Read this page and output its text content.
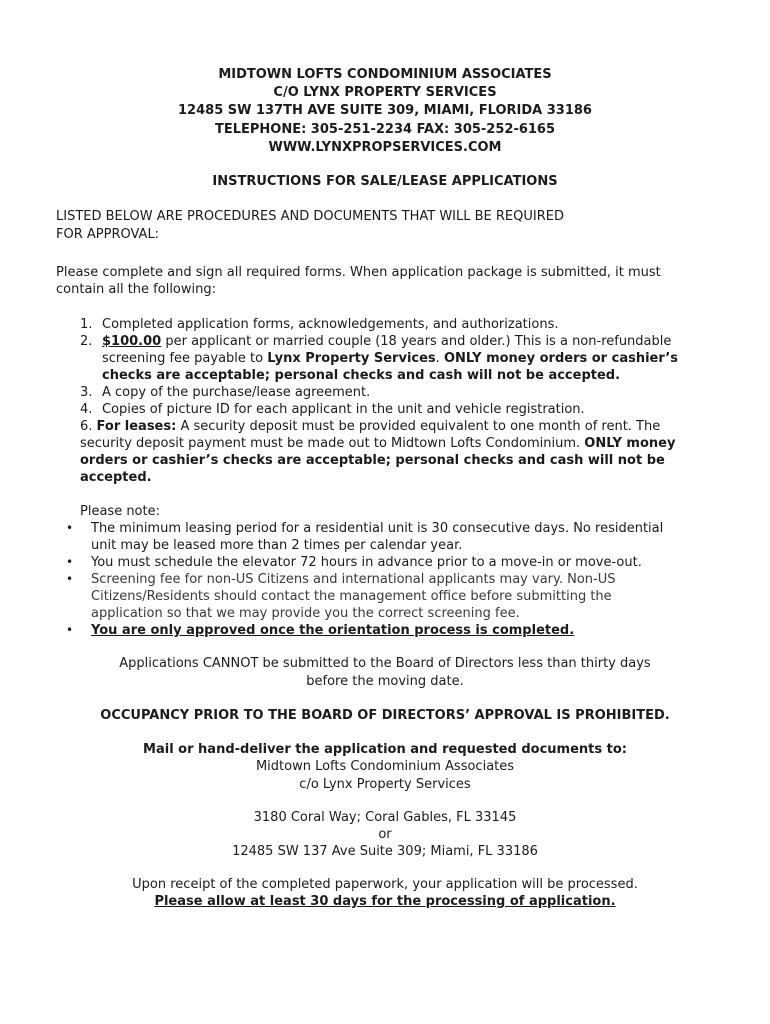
MIDTOWN LOFTS CONDOMINIUM ASSOCIATES
C/O LYNX PROPERTY SERVICES
12485 SW 137TH AVE SUITE 309, MIAMI, FLORIDA 33186
TELEPHONE: 305-251-2234 FAX: 305-252-6165
WWW.LYNXPROPSERVICES.COM
INSTRUCTIONS FOR SALE/LEASE APPLICATIONS
LISTED BELOW ARE PROCEDURES AND DOCUMENTS THAT WILL BE REQUIRED
FOR APPROVAL:
Please complete and sign all required forms. When application package is submitted, it must
contain all the following:
1. Completed application forms, acknowledgements, and authorizations.
2. $100.00 per applicant or married couple (18 years and older.) This is a non-refundable
screening fee payable to Lynx Property Services. ONLY money orders or cashier’s
checks are acceptable; personal checks and cash will not be accepted.
3. A copy of the purchase/lease agreement.
4. Copies of picture ID for each applicant in the unit and vehicle registration.
6. For leases: A security deposit must be provided equivalent to one month of rent. The
security deposit payment must be made out to Midtown Lofts Condominium. ONLY money
orders or cashier’s checks are acceptable; personal checks and cash will not be
accepted.
Please note:
• The minimum leasing period for a residential unit is 30 consecutive days. No residential
unit may be leased more than 2 times per calendar year.
• You must schedule the elevator 72 hours in advance prior to a move-in or move-out.
• Screening fee for non-US Citizens and international applicants may vary. Non-US
Citizens/Residents should contact the management office before submitting the
application so that we may provide you the correct screening fee.
• You are only approved once the orientation process is completed.
Applications CANNOT be submitted to the Board of Directors less than thirty days
before the moving date.
OCCUPANCY PRIOR TO THE BOARD OF DIRECTORS’ APPROVAL IS PROHIBITED.
Mail or hand-deliver the application and requested documents to:
Midtown Lofts Condominium Associates
c/o Lynx Property Services
3180 Coral Way; Coral Gables, FL 33145
or
12485 SW 137 Ave Suite 309; Miami, FL 33186
Upon receipt of the completed paperwork, your application will be processed.
Please allow at least 30 days for the processing of application.
